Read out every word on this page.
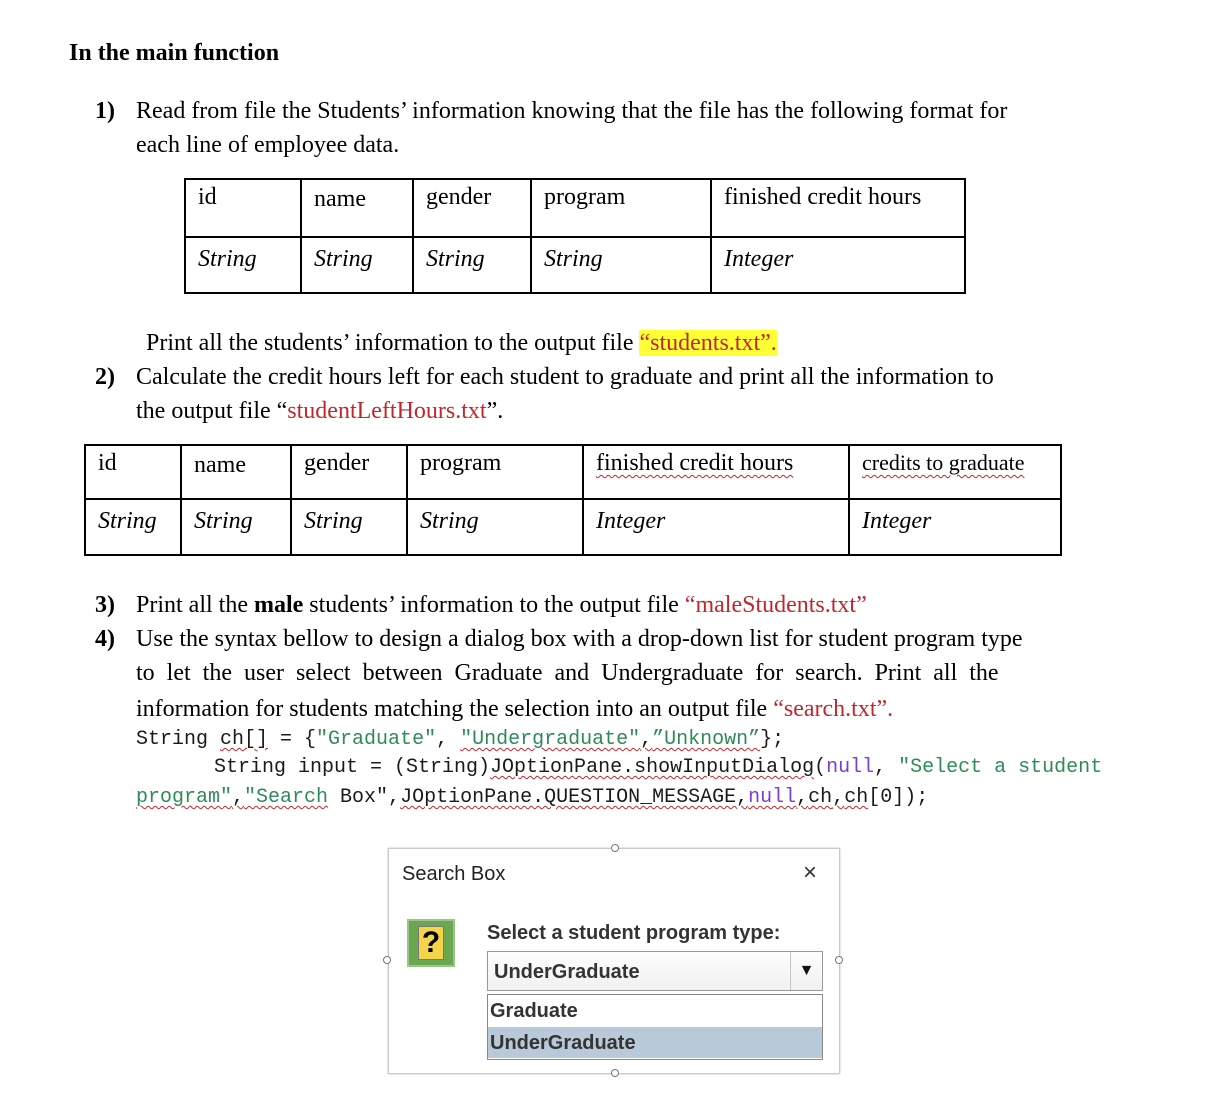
In the main function
1) Read from file the Students’ information knowing that the file has the following format for
each line of employee data.
id	name	gender	program	finished credit hours
String	String	String	String	Integer
Print all the students’ information to the output file “students.txt”.
2) Calculate the credit hours left for each student to graduate and print all the information to
the output file “studentLeftHours.txt”.
id	name	gender	program	finished credit hours	credits to graduate
String	String	String	String	Integer	Integer
3) Print all the male students’ information to the output file “maleStudents.txt”
4) Use the syntax bellow to design a dialog box with a drop-down list for student program type
to let the user select between Graduate and Undergraduate for search. Print all the
information for students matching the selection into an output file “search.txt”.
String ch[] = {"Graduate", "Undergraduate",”Unknown”};
String input = (String)JOptionPane.showInputDialog(null, "Select a student
program","Search Box",JOptionPane.QUESTION_MESSAGE,null,ch,ch[0]);
Search Box	×
? Select a student program type:
UnderGraduate	▼
Graduate
UnderGraduate
